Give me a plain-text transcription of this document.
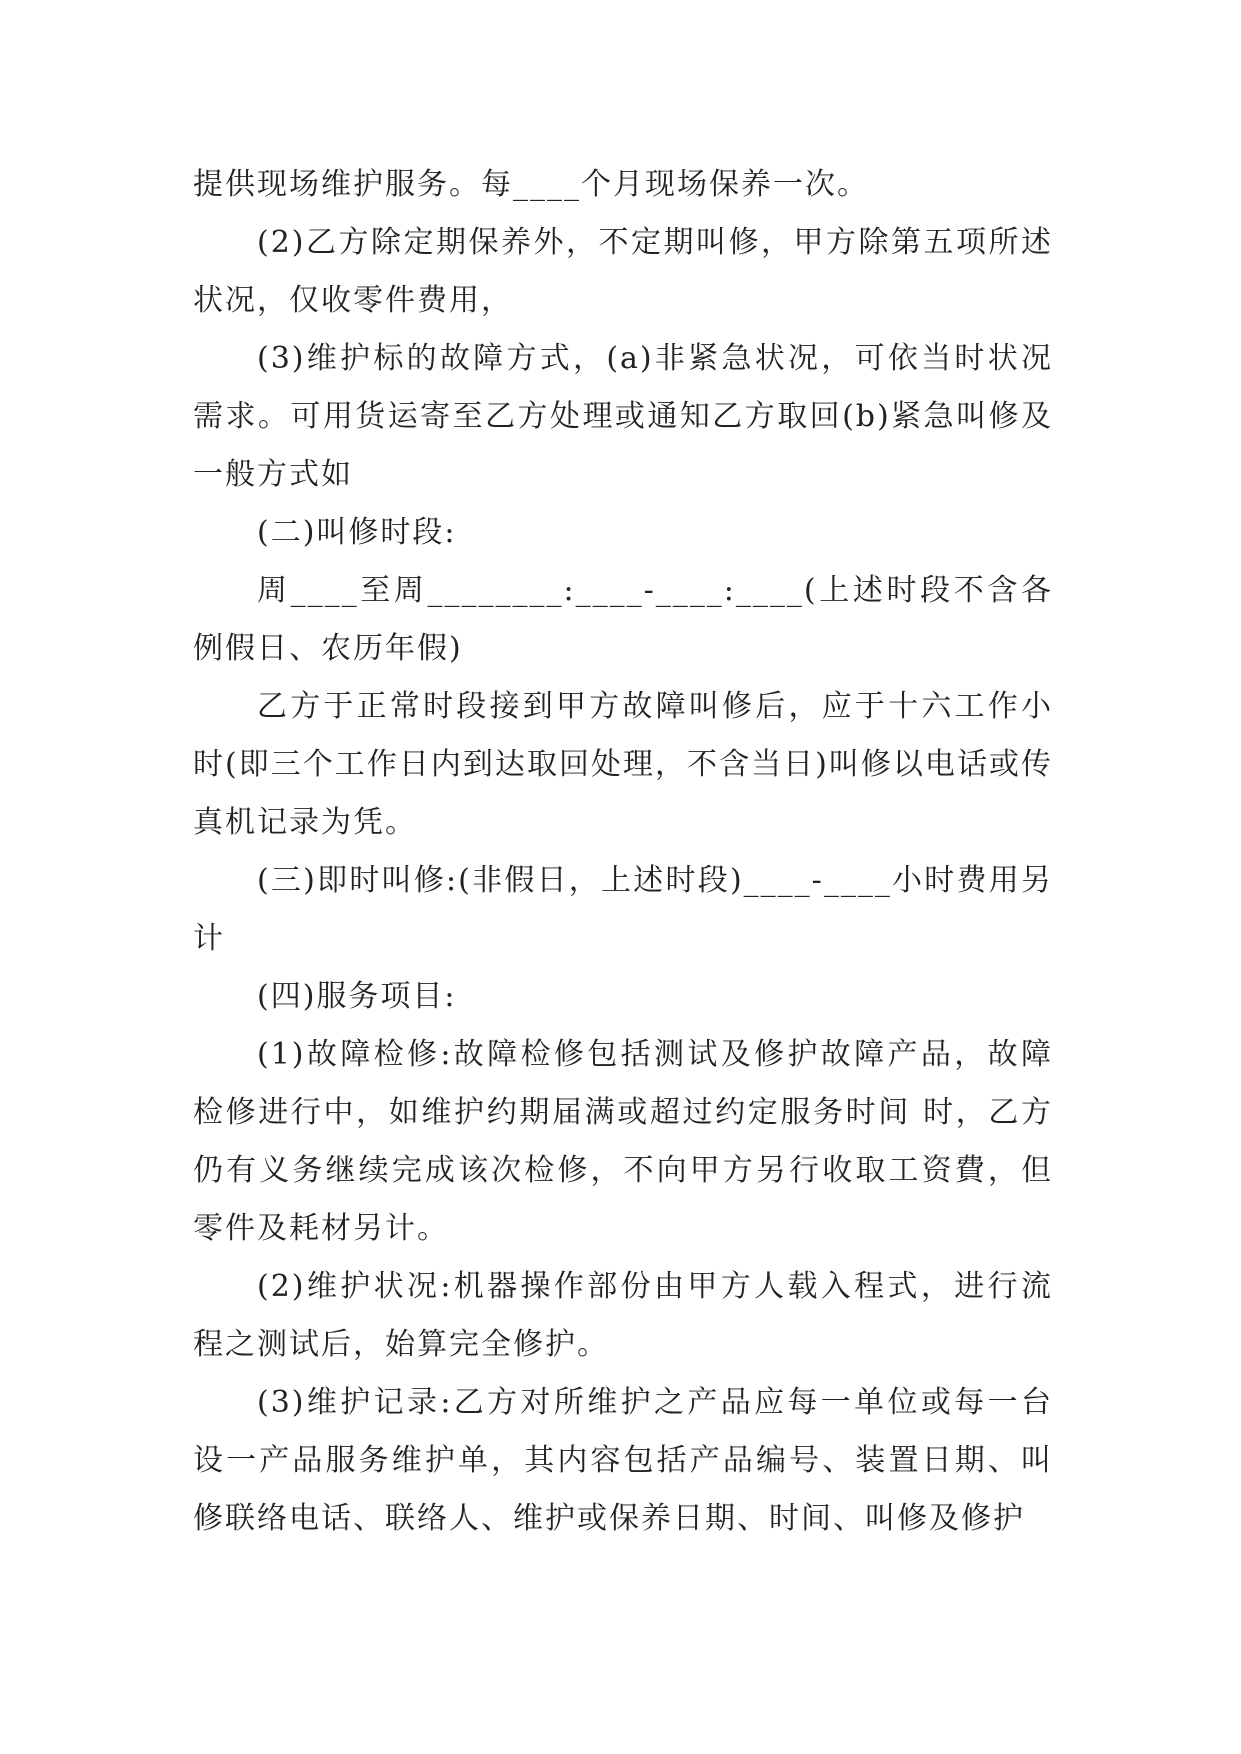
提供现场维护服务。每____个月现场保养一次。

(2)乙方除定期保养外，不定期叫修，甲方除第五项所述状况，仅收零件费用，

(3)维护标的故障方式，(a)非紧急状况，可依当时状况需求。可用货运寄至乙方处理或通知乙方取回(b)紧急叫修及一般方式如

(二)叫修时段:

周____至周________:____-____:____(上述时段不含各例假日、农历年假)

乙方于正常时段接到甲方故障叫修后，应于十六工作小时(即三个工作日内到达取回处理，不含当日)叫修以电话或传真机记录为凭。

(三)即时叫修:(非假日，上述时段)____-____小时费用另计

(四)服务项目:

(1)故障检修:故障检修包括测试及修护故障产品，故障检修进行中，如维护约期届满或超过约定服务时间 时，乙方仍有义务继续完成该次检修，不向甲方另行收取工资費，但零件及耗材另计。

(2)维护状况:机器操作部份由甲方人载入程式，进行流程之测试后，始算完全修护。

(3)维护记录:乙方对所维护之产品应每一单位或每一台设一产品服务维护单，其内容包括产品编号、装置日期、叫修联络电话、联络人、维护或保养日期、时间、叫修及修护
